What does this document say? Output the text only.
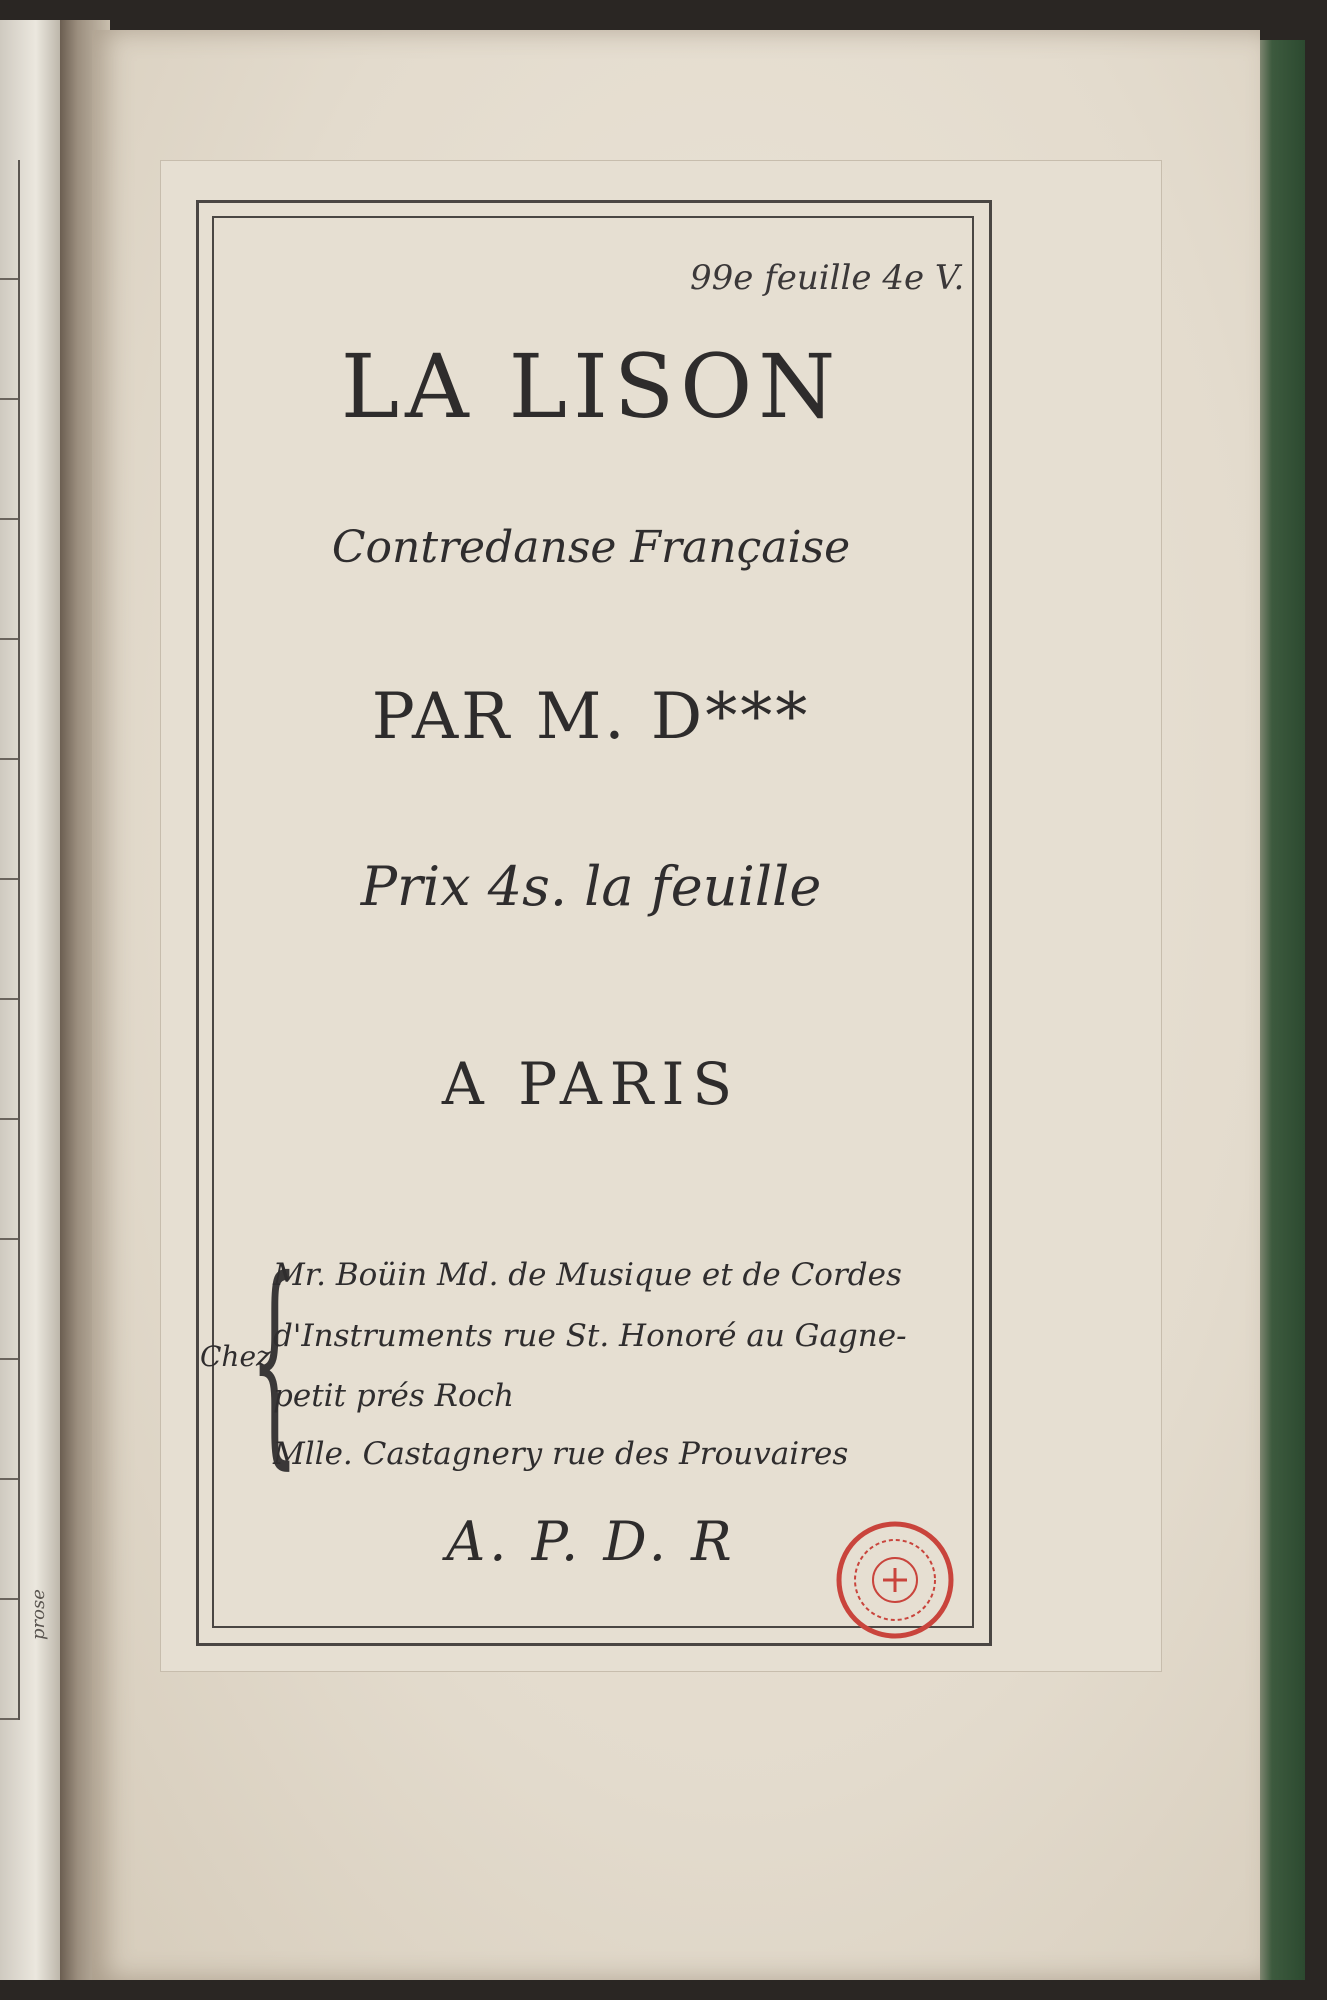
prose
99e feuille 4e V.
LA LISON
Contredanse Française
PAR M. D***
Prix 4s. la feuille
A PARIS
Chez
{
Mr. Boüin Md. de Musique et de Cordes
d'Instruments rue St. Honoré au Gagne-
petit prés Roch
Mlle. Castagnery rue des Prouvaires
A. P. D. R
